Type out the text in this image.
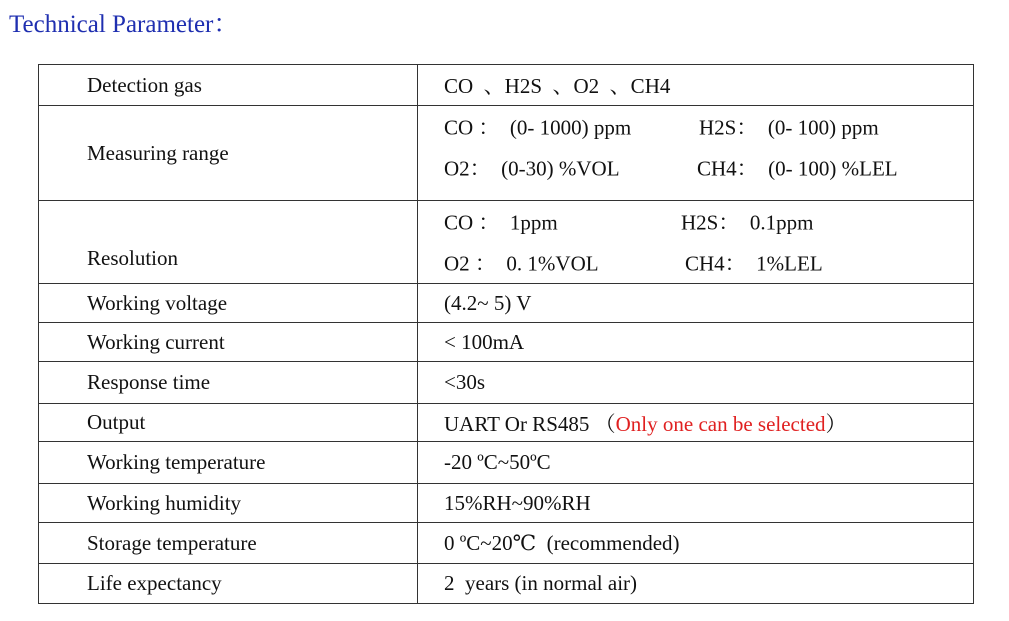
Technical Parameter：
Detection gas	CO  、H2S  、O2  、CH4
Measuring range	CO ：  (0- 1000) ppm H2S：  (0- 100) ppm
O2：  (0-30) %VOL CH4：  (0- 100) %LEL

Resolution	CO ：  1ppm H2S：  0.1ppm
O2 ：  0. 1%VOL CH4：  1%LEL

Working voltage	(4.2~ 5) V
Working current	< 100mA
Response time	<30s
Output	UART Or RS485 （Only one can be selected）
Working temperature	-20 ºC~50ºC
Working humidity	15%RH~90%RH
Storage temperature	0 ºC~20℃  (recommended)
Life expectancy	2  years (in normal air)
